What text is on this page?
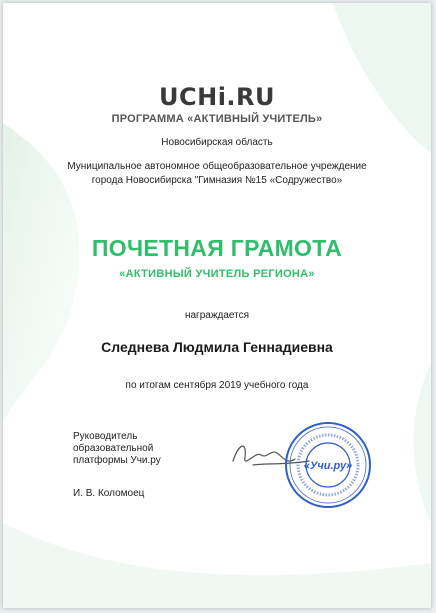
UCHi.RU
ПРОГРАММА «АКТИВНЫЙ УЧИТЕЛЬ»
Новосибирская область
Муниципальное автономное общеобразовательное учреждение
города Новосибирска "Гимназия №15 «Содружество»
ПОЧЕТНАЯ ГРАМОТА
«АКТИВНЫЙ УЧИТЕЛЬ РЕГИОНА»
награждается
Следнева Людмила Геннадиевна
по итогам сентября 2019 учебного года
Руководитель
образовательной
платформы Учи.ру
И. В. Коломоец
«Учи.ру»
